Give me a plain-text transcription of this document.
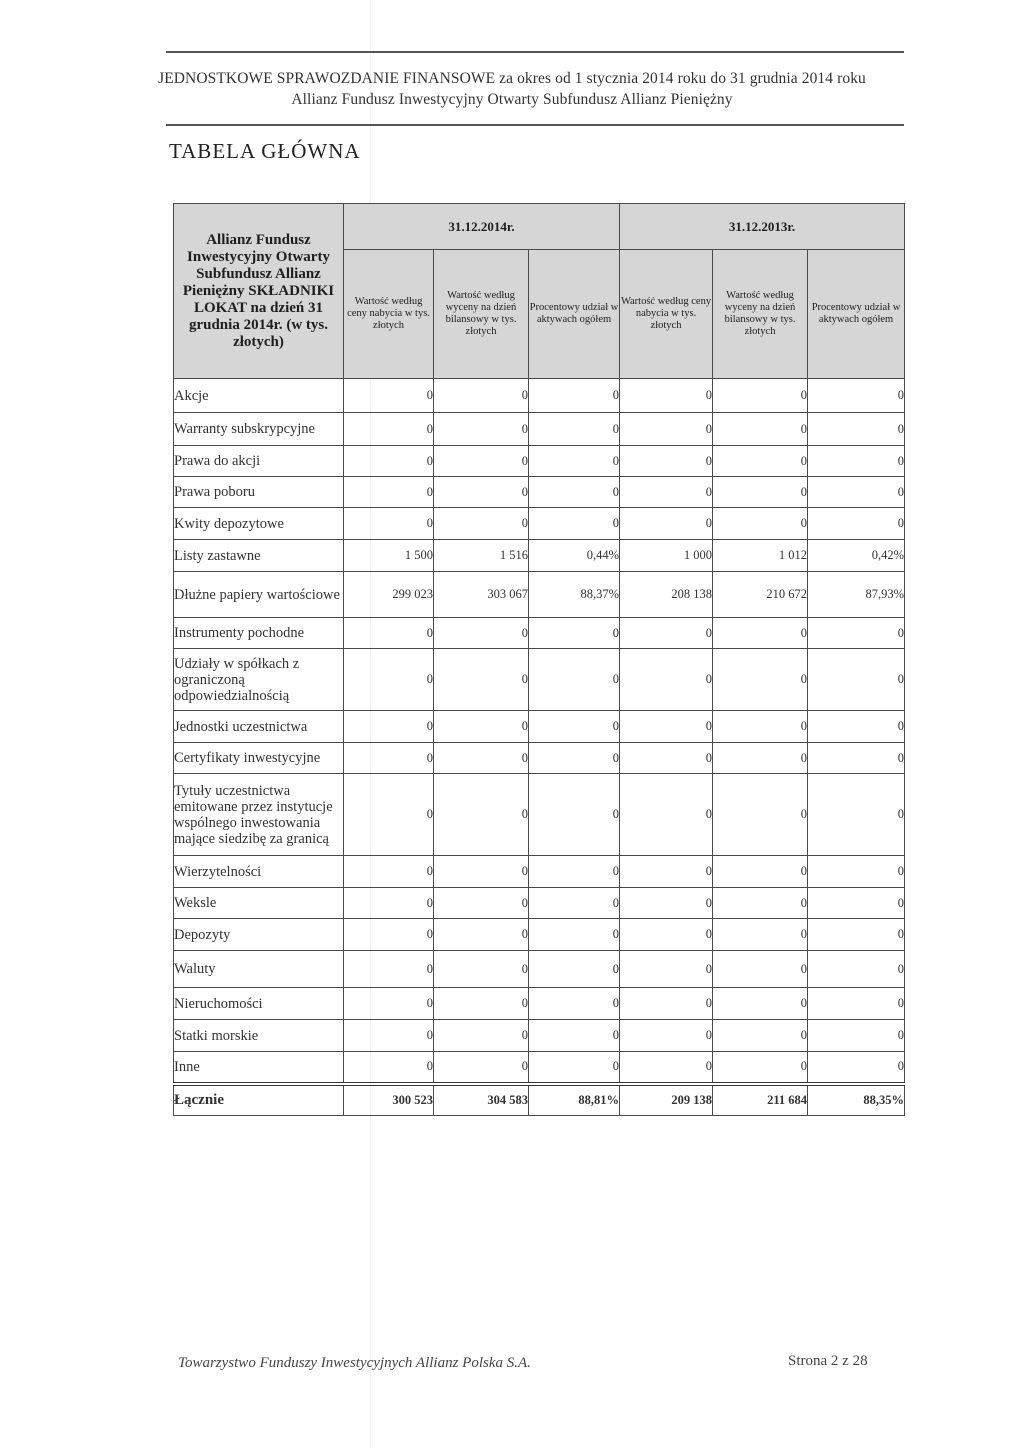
JEDNOSTKOWE SPRAWOZDANIE FINANSOWE za okres od 1 stycznia 2014 roku do 31 grudnia 2014 roku
Allianz Fundusz Inwestycyjny Otwarty Subfundusz Allianz Pieniężny
TABELA GŁÓWNA
Allianz Fundusz Inwestycyjny Otwarty Subfundusz Allianz Pieniężny SKŁADNIKI LOKAT na dzień 31 grudnia 2014r. (w tys. złotych)	31.12.2014r.			31.12.2013r.		
	Wartość według ceny nabycia w tys. złotych	Wartość według wyceny na dzień bilansowy w tys. złotych	Procentowy udział w aktywach ogółem	Wartość według ceny nabycia w tys. złotych	Wartość według wyceny na dzień bilansowy w tys. złotych	Procentowy udział w aktywach ogółem
Akcje	0	0	0	0	0	0
Warranty subskrypcyjne	0	0	0	0	0	0
Prawa do akcji	0	0	0	0	0	0
Prawa poboru	0	0	0	0	0	0
Kwity depozytowe	0	0	0	0	0	0
Listy zastawne	1 500	1 516	0,44%	1 000	1 012	0,42%
Dłużne papiery wartościowe	299 023	303 067	88,37%	208 138	210 672	87,93%
Instrumenty pochodne	0	0	0	0	0	0
Udziały w spółkach z ograniczoną odpowiedzialnością	0	0	0	0	0	0
Jednostki uczestnictwa	0	0	0	0	0	0
Certyfikaty inwestycyjne	0	0	0	0	0	0
Tytuły uczestnictwa emitowane przez instytucje wspólnego inwestowania mające siedzibę za granicą	0	0	0	0	0	0
Wierzytelności	0	0	0	0	0	0
Weksle	0	0	0	0	0	0
Depozyty	0	0	0	0	0	0
Waluty	0	0	0	0	0	0
Nieruchomości	0	0	0	0	0	0
Statki morskie	0	0	0	0	0	0
Inne	0	0	0	0	0	0
Łącznie	300 523	304 583	88,81%	209 138	211 684	88,35%
Towarzystwo Funduszy Inwestycyjnych Allianz Polska S.A.	Strona 2 z 28
